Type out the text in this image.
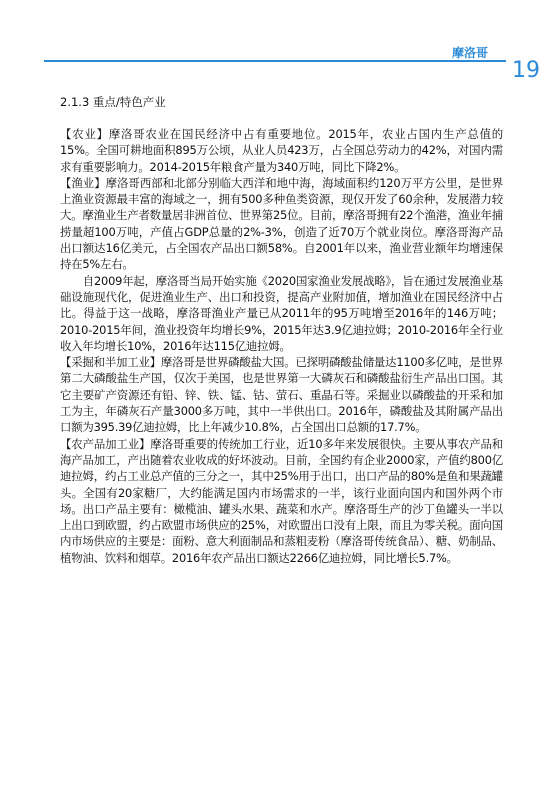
摩洛哥
19
2.1.3 重点/特色产业

【农业】摩洛哥农业在国民经济中占有重要地位。2015年，农业占国内生产总值的15%。全国可耕地面积895万公顷，从业人员423万，占全国总劳动力的42%，对国内需求有重要影响力。2014-2015年粮食产量为340万吨，同比下降2%。

【渔业】摩洛哥西部和北部分别临大西洋和地中海，海域面积约120万平方公里，是世界上渔业资源最丰富的海域之一，拥有500多种鱼类资源，现仅开发了60余种，发展潜力较大。摩渔业生产者数量居非洲首位、世界第25位。目前，摩洛哥拥有22个渔港，渔业年捕捞量超100万吨，产值占GDP总量的2%-3%，创造了近70万个就业岗位。摩洛哥海产品出口额达16亿美元，占全国农产品出口额58%。自2001年以来，渔业营业额年均增速保持在5%左右。

自2009年起，摩洛哥当局开始实施《2020国家渔业发展战略》，旨在通过发展渔业基础设施现代化，促进渔业生产、出口和投资，提高产业附加值，增加渔业在国民经济中占比。得益于这一战略，摩洛哥渔业产量已从2011年的95万吨增至2016年的146万吨；2010-2015年间，渔业投资年均增长9%，2015年达3.9亿迪拉姆；2010-2016年全行业收入年均增长10%，2016年达115亿迪拉姆。

【采掘和半加工业】摩洛哥是世界磷酸盐大国。已探明磷酸盐储量达1100多亿吨，是世界第二大磷酸盐生产国，仅次于美国，也是世界第一大磷灰石和磷酸盐衍生产品出口国。其它主要矿产资源还有铅、锌、铁、锰、钴、萤石、重晶石等。采掘业以磷酸盐的开采和加工为主，年磷灰石产量3000多万吨，其中一半供出口。2016年，磷酸盐及其附属产品出口额为395.39亿迪拉姆，比上年减少10.8%，占全国出口总额的17.7%。

【农产品加工业】摩洛哥重要的传统加工行业，近10多年来发展很快。主要从事农产品和海产品加工，产出随着农业收成的好坏波动。目前，全国约有企业2000家，产值约800亿迪拉姆，约占工业总产值的三分之一，其中25%用于出口，出口产品的80%是鱼和果蔬罐头。全国有20家糖厂，大约能满足国内市场需求的一半，该行业面向国内和国外两个市场。出口产品主要有：橄榄油、罐头水果、蔬菜和水产。摩洛哥生产的沙丁鱼罐头一半以上出口到欧盟，约占欧盟市场供应的25%，对欧盟出口没有上限，而且为零关税。面向国内市场供应的主要是：面粉、意大利面制品和蒸粗麦粉（摩洛哥传统食品）、糖、奶制品、植物油、饮料和烟草。2016年农产品出口额达2266亿迪拉姆，同比增长5.7%。
